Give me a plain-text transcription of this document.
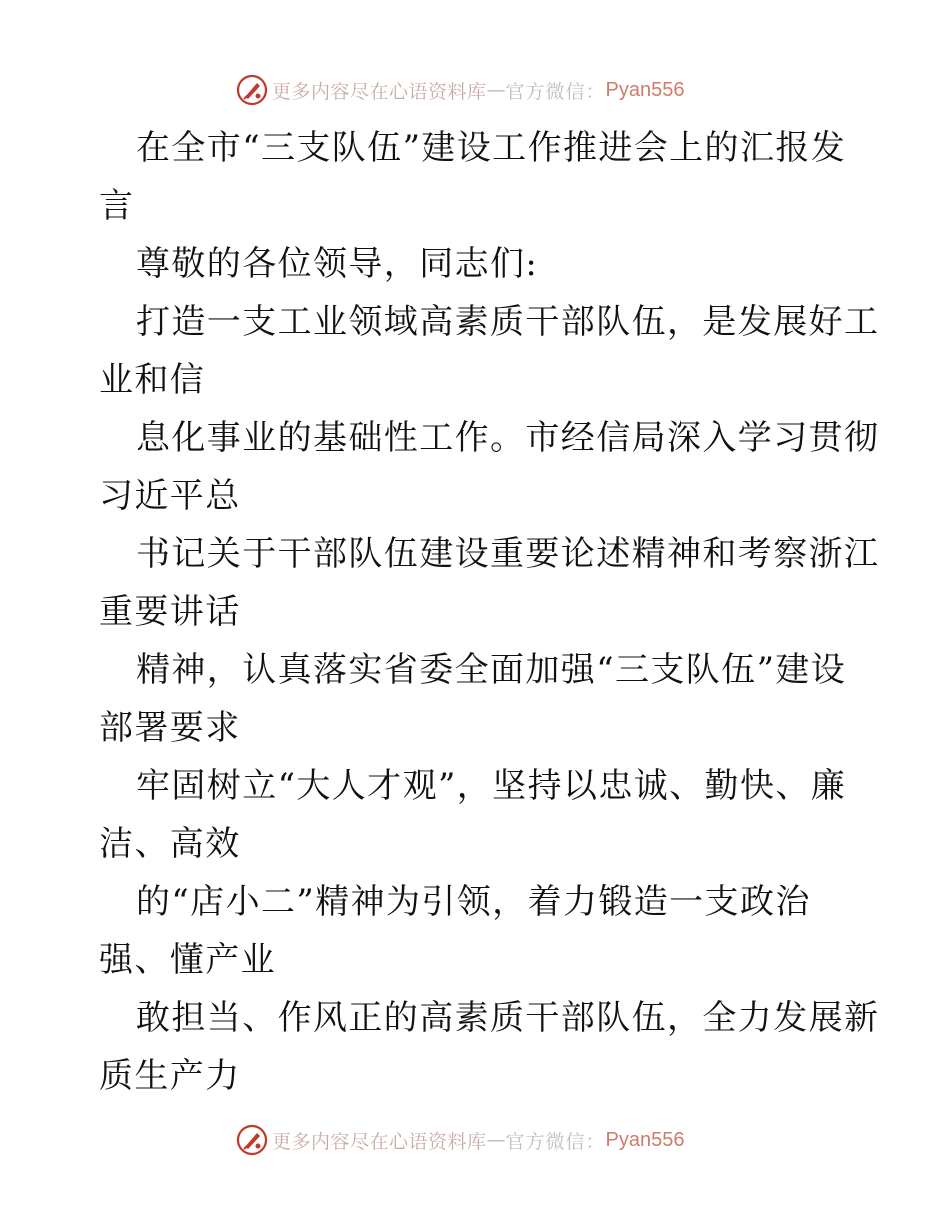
更多内容尽在心语资料库 — 官方微信： Pyan556
在全市“三支队伍”建设工作推进会上的汇报发
言
尊敬的各位领导，同志们:
打造一支工业领域高素质干部队伍，是发展好工
业和信
息化事业的基础性工作。市经信局深入学习贯彻
习近平总
书记关于干部队伍建设重要论述精神和考察浙江
重要讲话
精神，认真落实省委全面加强“三支队伍”建设
部署要求
牢固树立“大人才观”，坚持以忠诚、勤快、廉
洁、高效
的“店小二”精神为引领，着力锻造一支政治
强、懂产业
敢担当、作风正的高素质干部队伍，全力发展新
质生产力
更多内容尽在心语资料库 — 官方微信： Pyan556
